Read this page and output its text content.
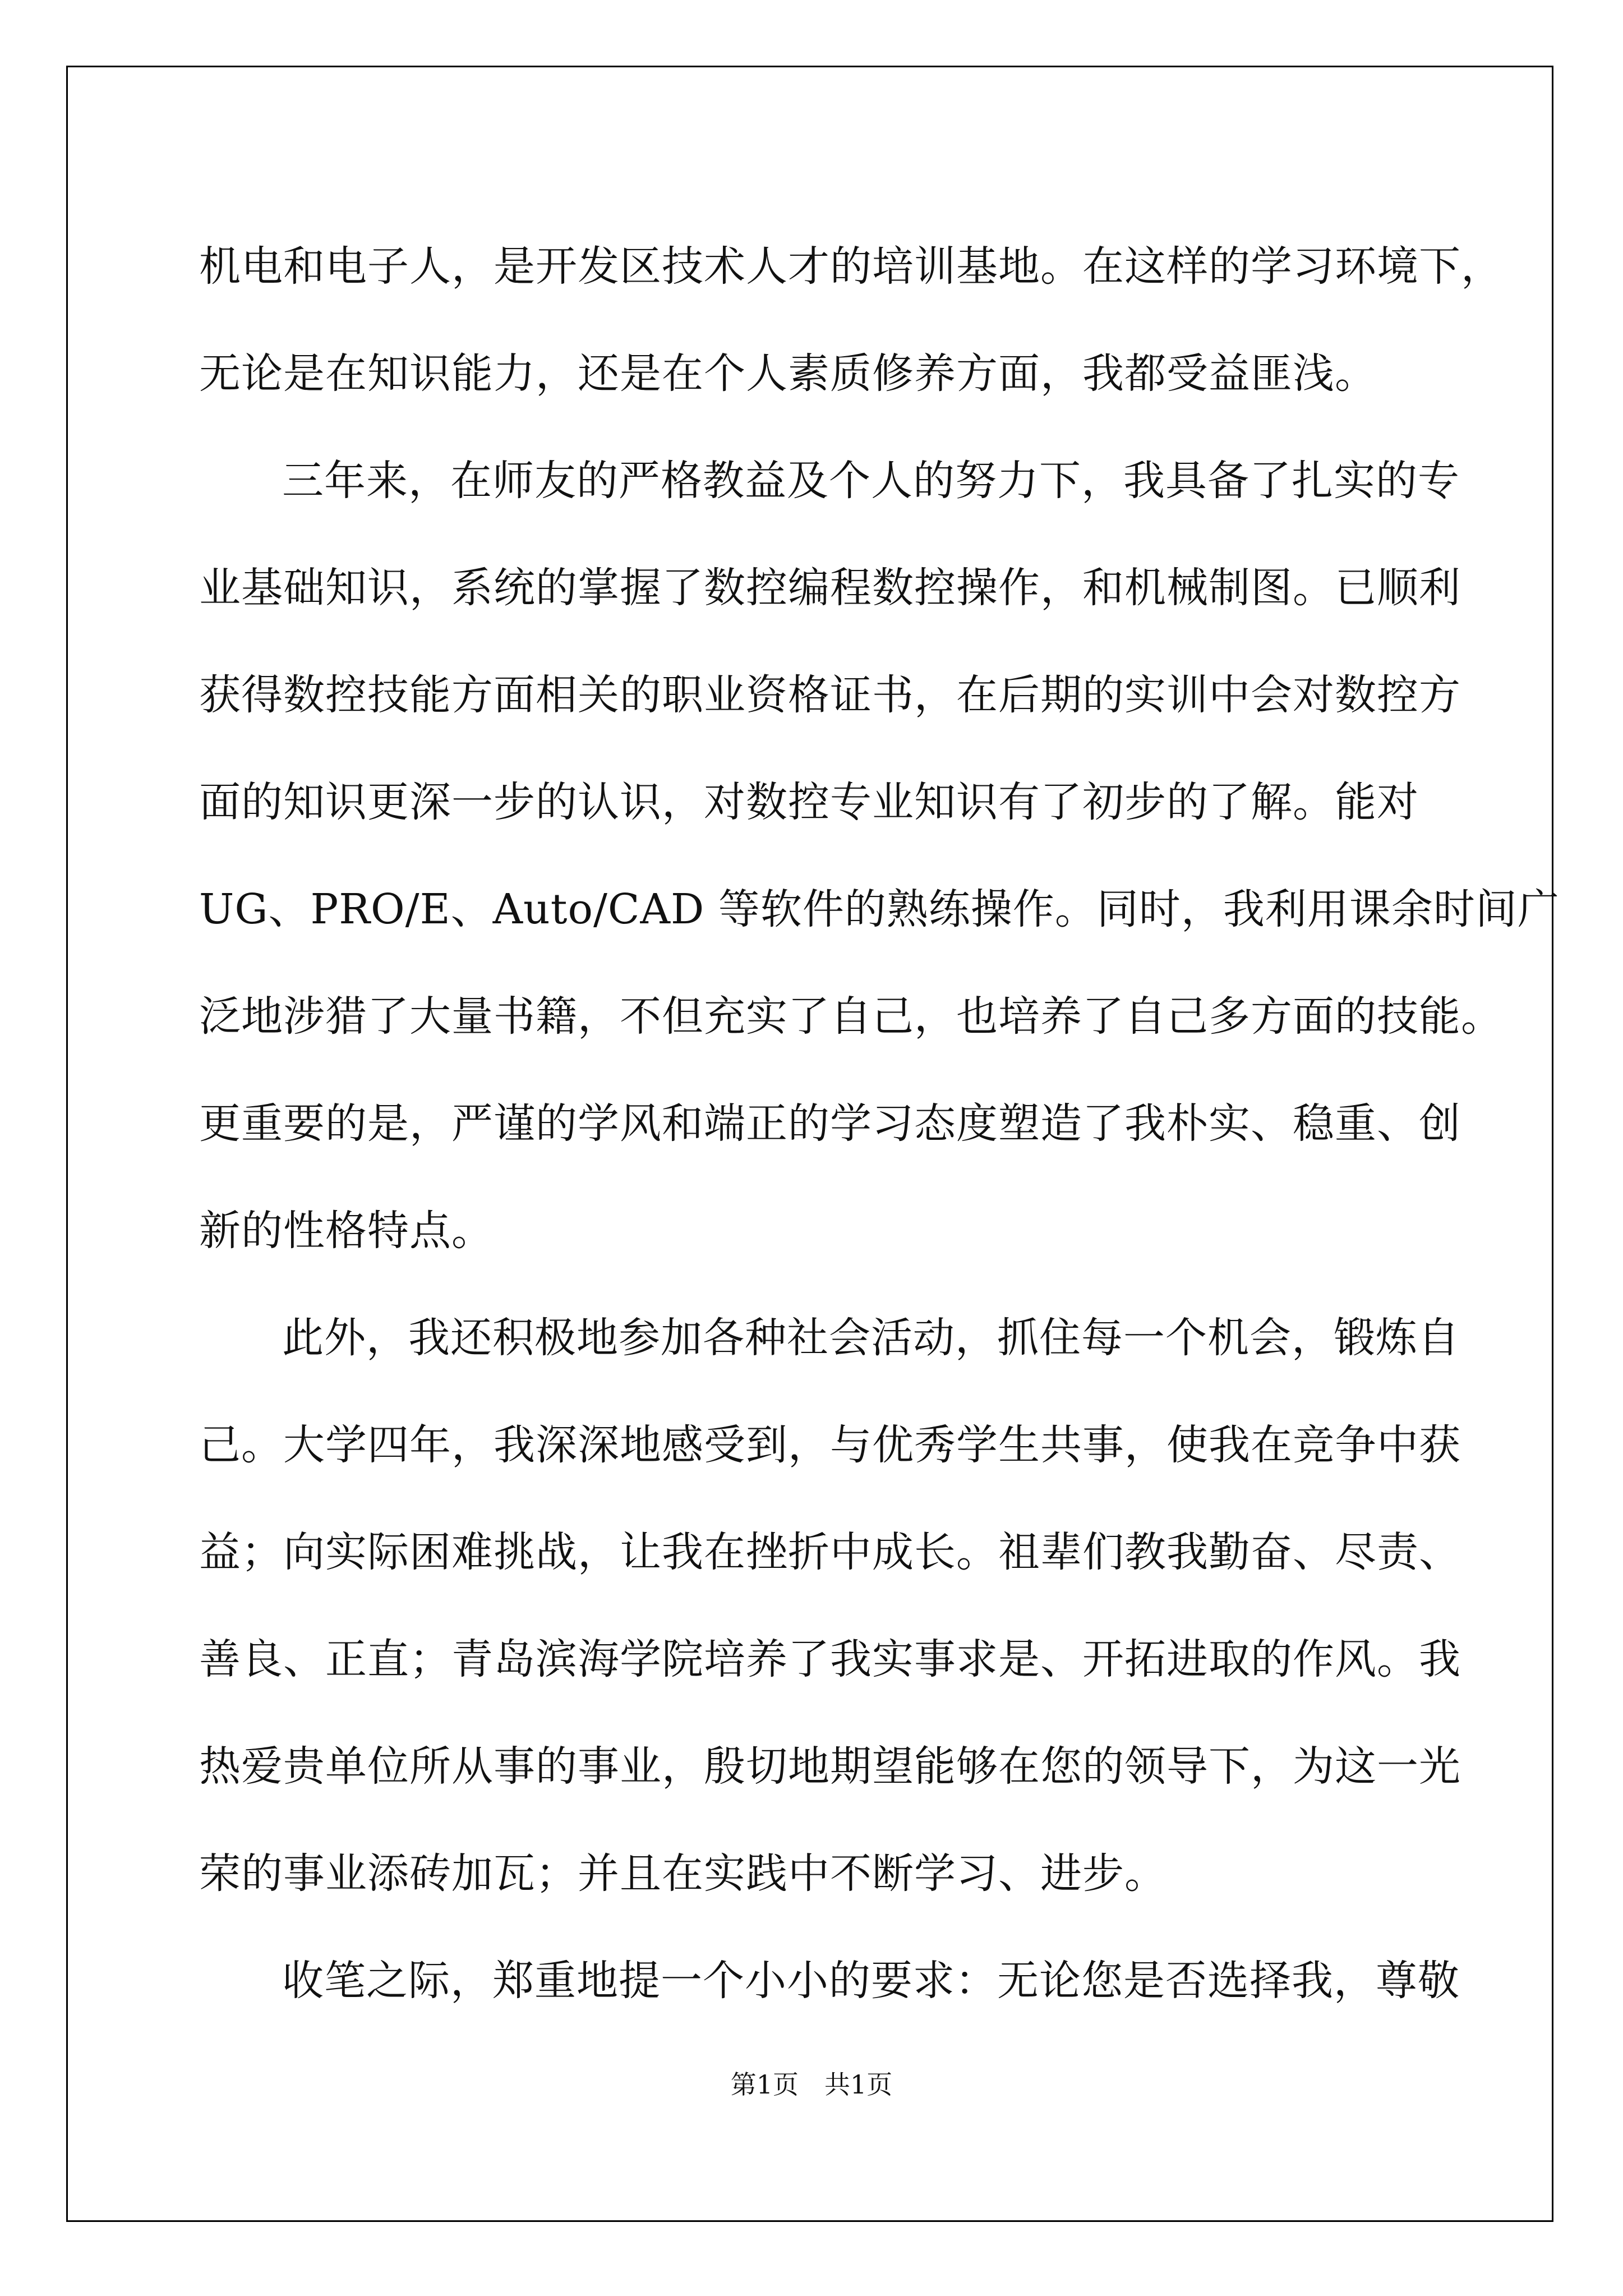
机电和电子人，是开发区技术人才的培训基地。在这样的学习环境下，
无论是在知识能力，还是在个人素质修养方面，我都受益匪浅。
三年来，在师友的严格教益及个人的努力下，我具备了扎实的专
业基础知识，系统的掌握了数控编程数控操作，和机械制图。已顺利
获得数控技能方面相关的职业资格证书，在后期的实训中会对数控方
面的知识更深一步的认识，对数控专业知识有了初步的了解。能对
UG、PRO/E、Auto/CAD 等软件的熟练操作。同时，我利用课余时间广
泛地涉猎了大量书籍，不但充实了自己，也培养了自己多方面的技能。
更重要的是，严谨的学风和端正的学习态度塑造了我朴实、稳重、创
新的性格特点。
此外，我还积极地参加各种社会活动，抓住每一个机会，锻炼自
己。大学四年，我深深地感受到，与优秀学生共事，使我在竞争中获
益；向实际困难挑战，让我在挫折中成长。祖辈们教我勤奋、尽责、
善良、正直；青岛滨海学院培养了我实事求是、开拓进取的作风。我
热爱贵单位所从事的事业，殷切地期望能够在您的领导下，为这一光
荣的事业添砖加瓦；并且在实践中不断学习、进步。
收笔之际，郑重地提一个小小的要求：无论您是否选择我，尊敬
第1页　共1页
